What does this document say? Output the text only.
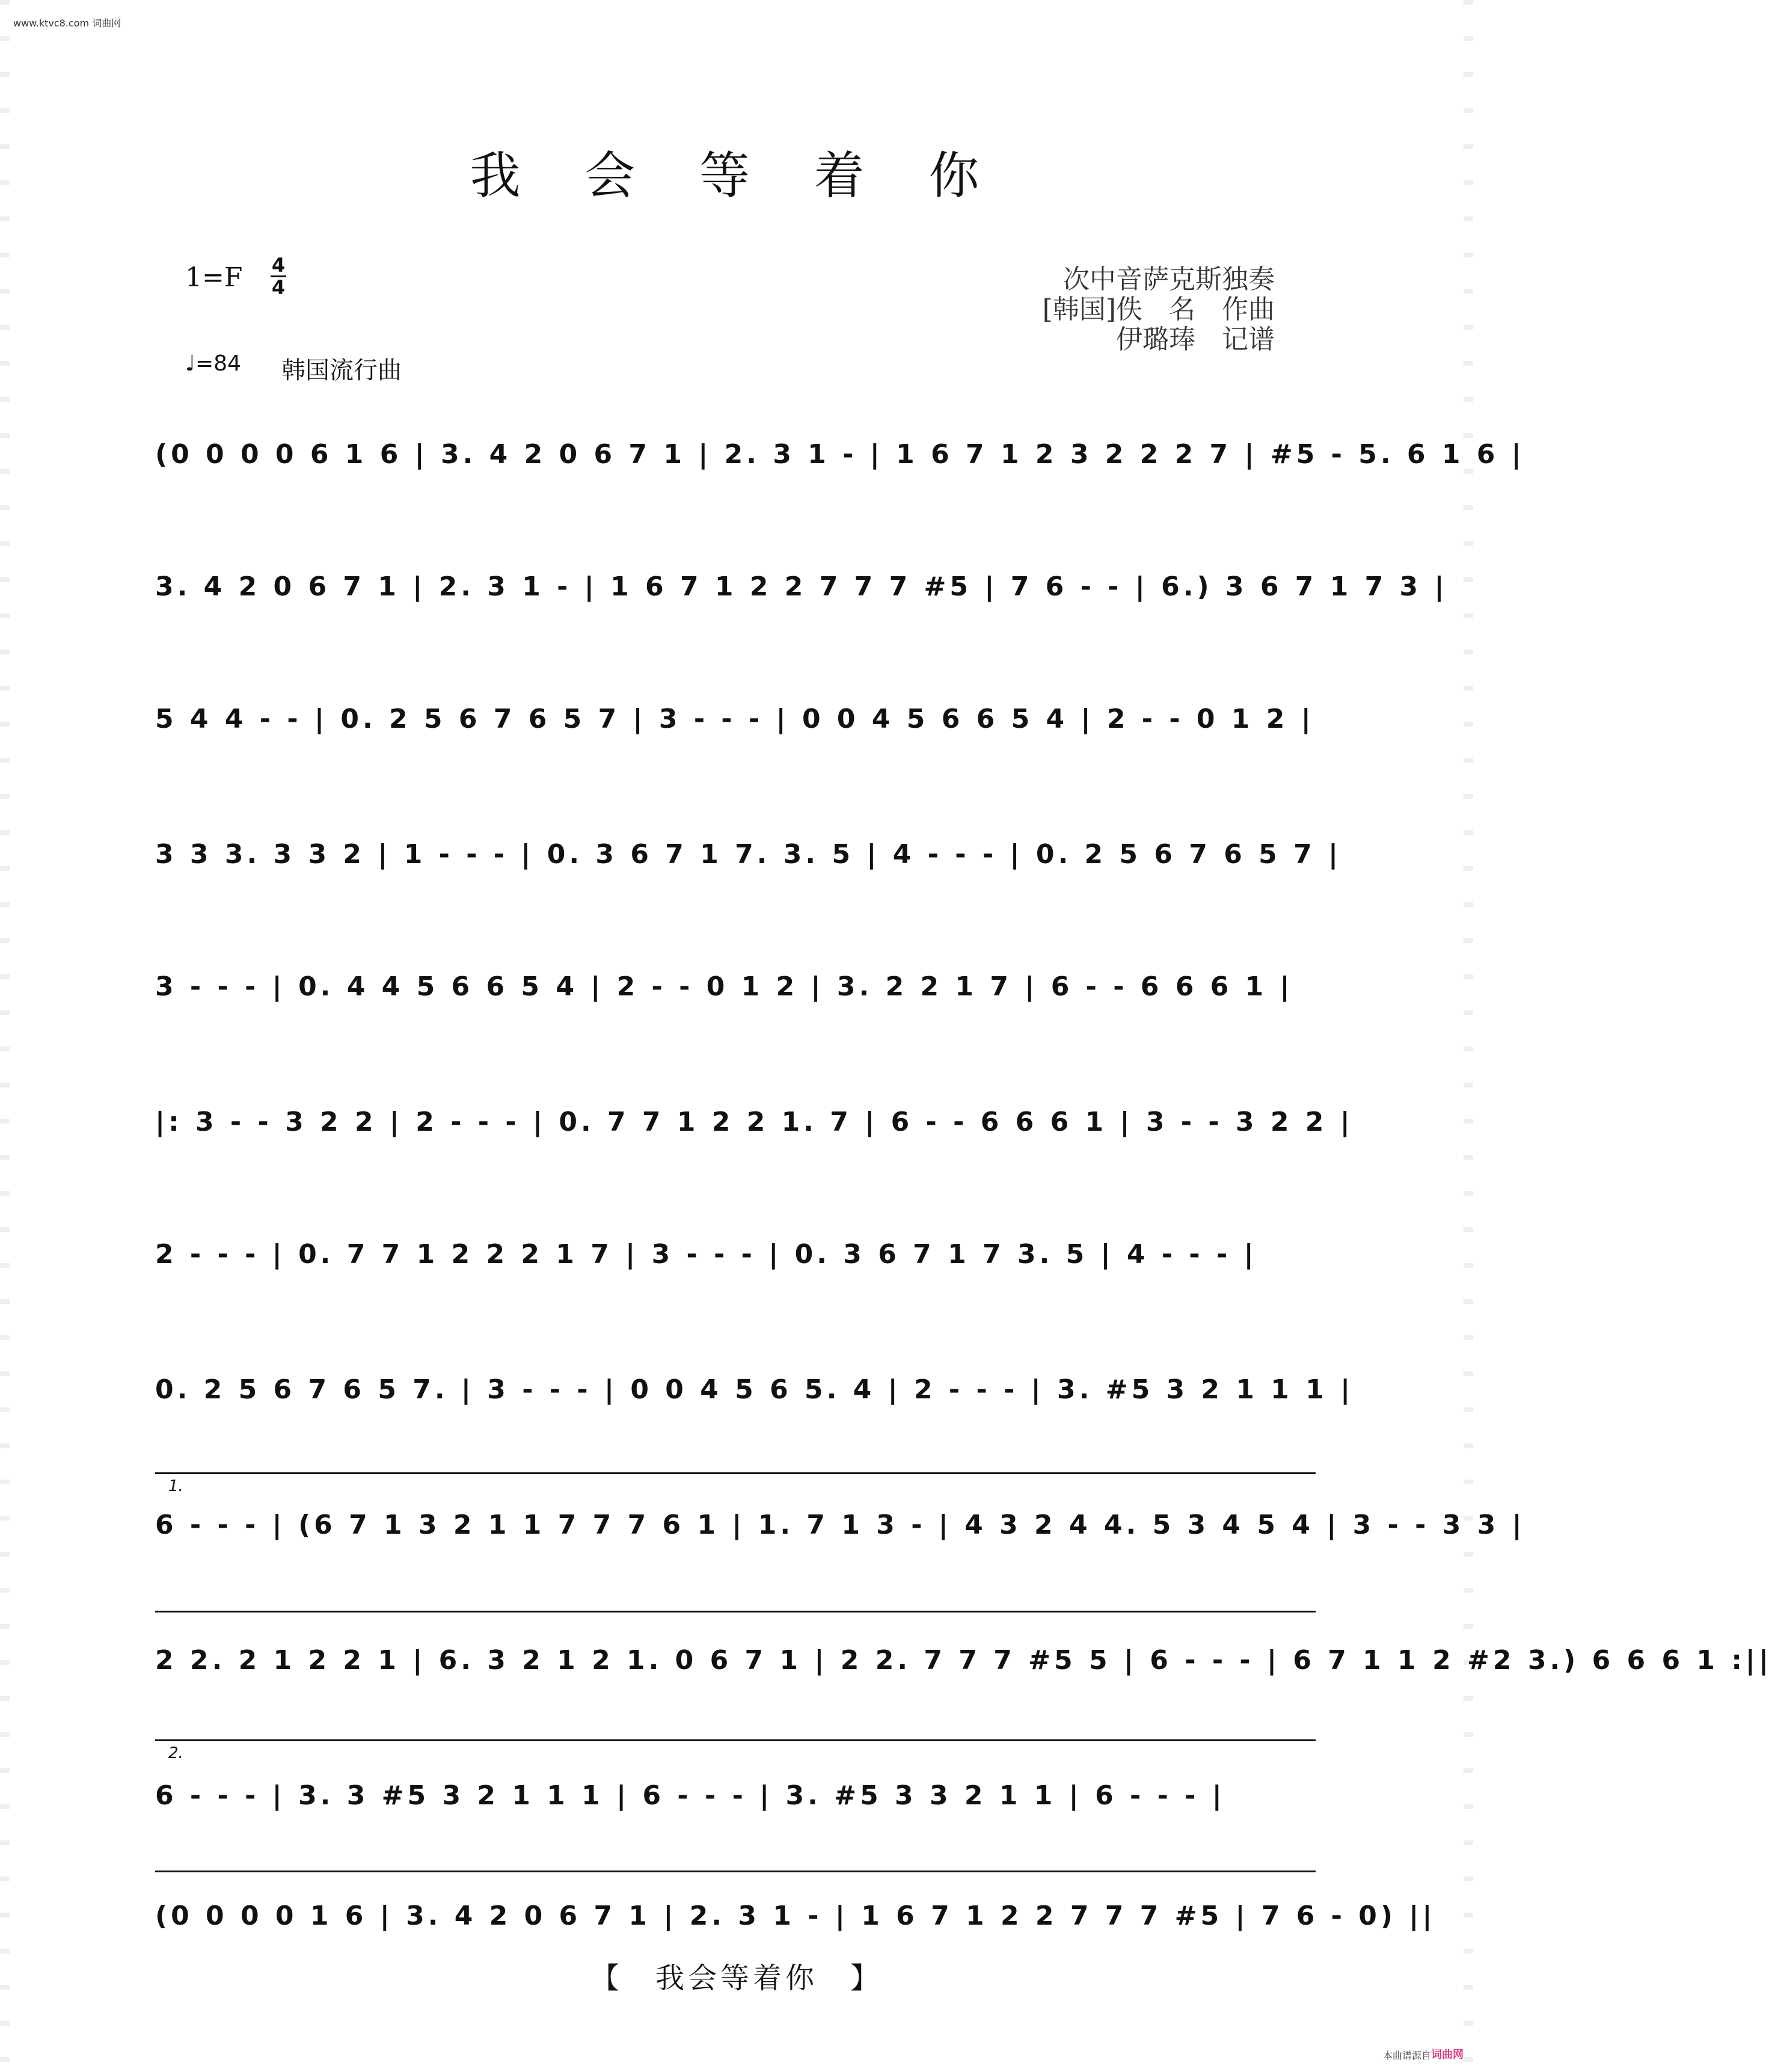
www.ktvc8.com 词曲网
我 会 等 着 你
1=F 4
4
♩=84 韩国流行曲
次中音萨克斯独奏
[韩国]佚　名　作曲
伊璐琫　记谱
(0 0 0 0 6 1 6 | 3. 4 2 0 6 7 1 | 2. 3 1 - | 1 6 7 1 2 3 2 2 2 7 | #5 - 5. 6 1 6 |
3. 4 2 0 6 7 1 | 2. 3 1 - | 1 6 7 1 2 2 7 7 7 #5 | 7 6 - - | 6.) 3 6 7 1 7 3 |
5 4 4 - - | 0. 2 5 6 7 6 5 7 | 3 - - - | 0 0 4 5 6 6 5 4 | 2 - - 0 1 2 |
3 3 3. 3 3 2 | 1 - - - | 0. 3 6 7 1 7. 3. 5 | 4 - - - | 0. 2 5 6 7 6 5 7 |
3 - - - | 0. 4 4 5 6 6 5 4 | 2 - - 0 1 2 | 3. 2 2 1 7 | 6 - - 6 6 6 1 |
|: 3 - - 3 2 2 | 2 - - - | 0. 7 7 1 2 2 1. 7 | 6 - - 6 6 6 1 | 3 - - 3 2 2 |
2 - - - | 0. 7 7 1 2 2 2 1 7 | 3 - - - | 0. 3 6 7 1 7 3. 5 | 4 - - - |
0. 2 5 6 7 6 5 7. | 3 - - - | 0 0 4 5 6 5. 4 | 2 - - - | 3. #5 3 2 1 1 1 |
1.
6 - - - | (6 7 1 3 2 1 1 7 7 7 6 1 | 1. 7 1 3 - | 4 3 2 4 4. 5 3 4 5 4 | 3 - - 3 3 |
2 2. 2 1 2 2 1 | 6. 3 2 1 2 1. 0 6 7 1 | 2 2. 7 7 7 #5 5 | 6 - - - | 6 7 1 1 2 #2 3.) 6 6 6 1 :||
2.
6 - - - | 3. 3 #5 3 2 1 1 1 | 6 - - - | 3. #5 3 3 2 1 1 | 6 - - - |
(0 0 0 0 1 6 | 3. 4 2 0 6 7 1 | 2. 3 1 - | 1 6 7 1 2 2 7 7 7 #5 | 7 6 - 0) ||
【　我会等着你　】
本曲谱源自 词曲网
